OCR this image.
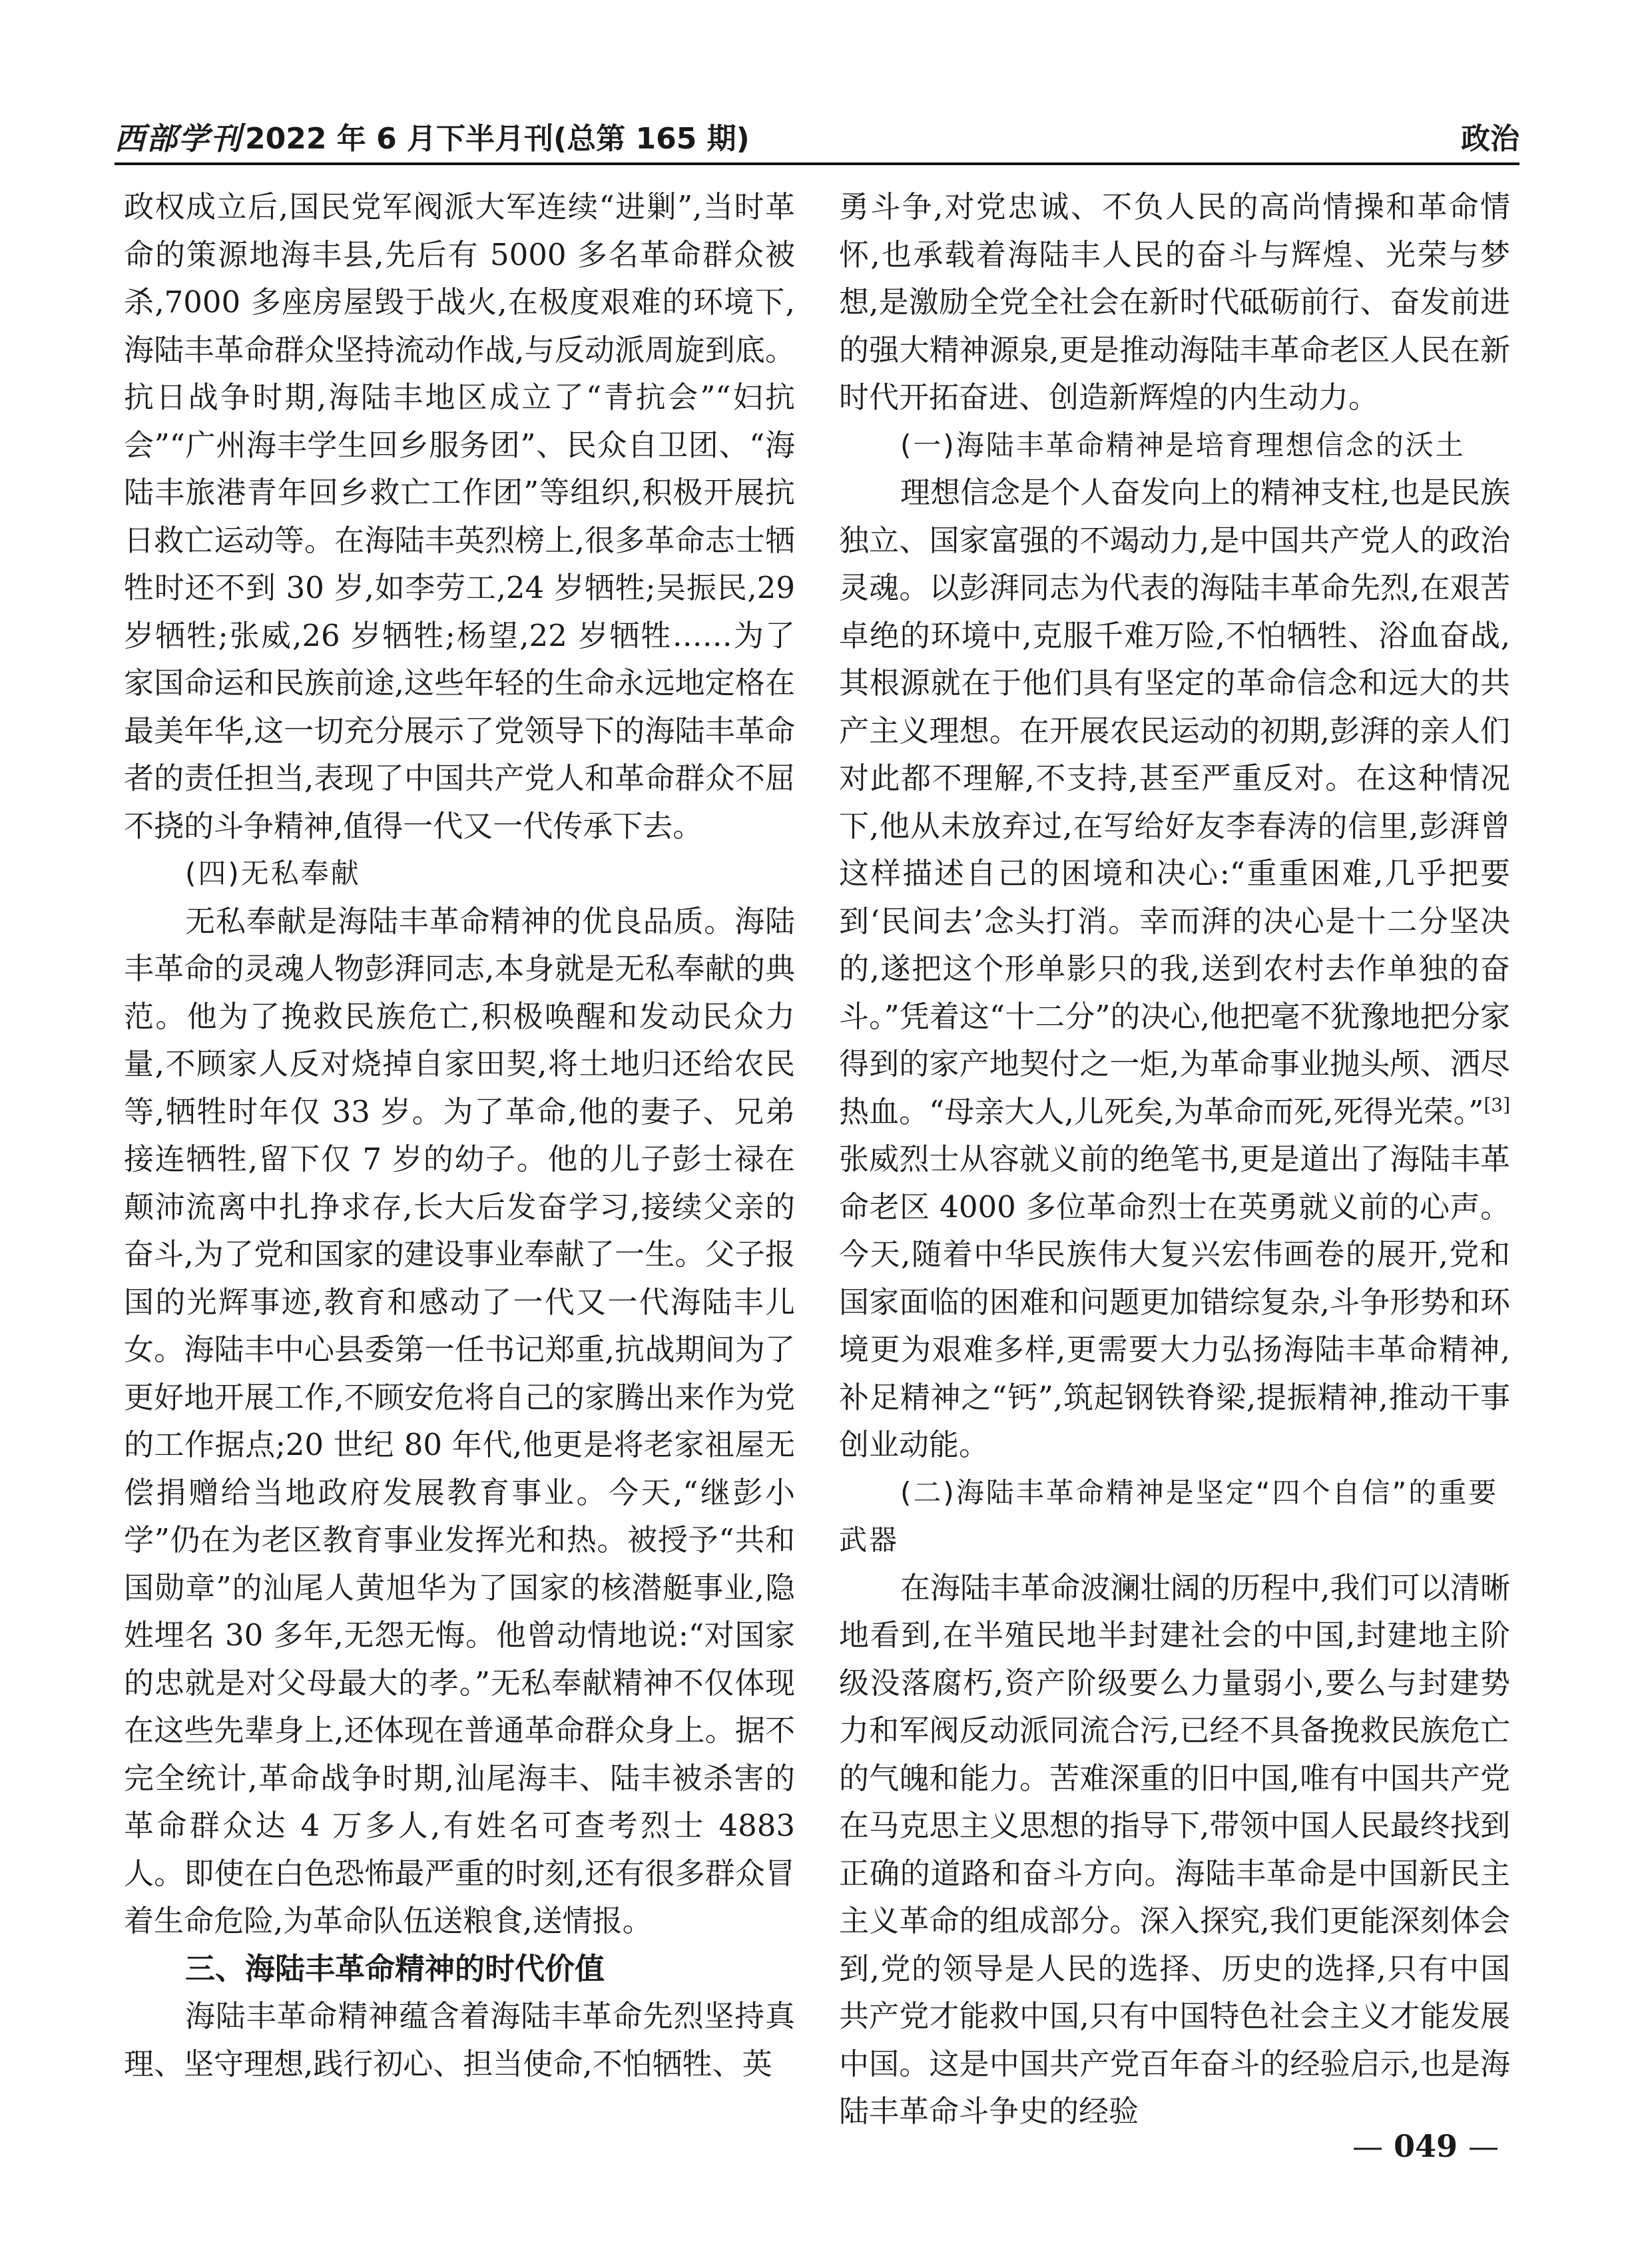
西部学刊 2022 年 6 月下半月刊(总第 165 期)	政治

政权成立后,国民党军阀派大军连续“进剿”,当时革命的策源地海丰县,先后有 5000 多名革命群众被杀,7000 多座房屋毁于战火,在极度艰难的环境下,海陆丰革命群众坚持流动作战,与反动派周旋到底。抗日战争时期,海陆丰地区成立了“青抗会”“妇抗会”“广州海丰学生回乡服务团”、民众自卫团、“海陆丰旅港青年回乡救亡工作团”等组织,积极开展抗日救亡运动等。在海陆丰英烈榜上,很多革命志士牺牲时还不到 30 岁,如李劳工,24 岁牺牲;吴振民,29 岁牺牲;张威,26 岁牺牲;杨望,22 岁牺牲……为了家国命运和民族前途,这些年轻的生命永远地定格在最美年华,这一切充分展示了党领导下的海陆丰革命者的责任担当,表现了中国共产党人和革命群众不屈不挠的斗争精神,值得一代又一代传承下去。

(四)无私奉献

无私奉献是海陆丰革命精神的优良品质。海陆丰革命的灵魂人物彭湃同志,本身就是无私奉献的典范。他为了挽救民族危亡,积极唤醒和发动民众力量,不顾家人反对烧掉自家田契,将土地归还给农民等,牺牲时年仅 33 岁。为了革命,他的妻子、兄弟接连牺牲,留下仅 7 岁的幼子。他的儿子彭士禄在颠沛流离中扎挣求存,长大后发奋学习,接续父亲的奋斗,为了党和国家的建设事业奉献了一生。父子报国的光辉事迹,教育和感动了一代又一代海陆丰儿女。海陆丰中心县委第一任书记郑重,抗战期间为了更好地开展工作,不顾安危将自己的家腾出来作为党的工作据点;20 世纪 80 年代,他更是将老家祖屋无偿捐赠给当地政府发展教育事业。今天,“继彭小学”仍在为老区教育事业发挥光和热。被授予“共和国勋章”的汕尾人黄旭华为了国家的核潜艇事业,隐姓埋名 30 多年,无怨无悔。他曾动情地说:“对国家的忠就是对父母最大的孝。”无私奉献精神不仅体现在这些先辈身上,还体现在普通革命群众身上。据不完全统计,革命战争时期,汕尾海丰、陆丰被杀害的革命群众达 4 万多人,有姓名可查考烈士 4883 人。即使在白色恐怖最严重的时刻,还有很多群众冒着生命危险,为革命队伍送粮食,送情报。

三、海陆丰革命精神的时代价值

海陆丰革命精神蕴含着海陆丰革命先烈坚持真理、坚守理想,践行初心、担当使命,不怕牺牲、英

勇斗争,对党忠诚、不负人民的高尚情操和革命情怀,也承载着海陆丰人民的奋斗与辉煌、光荣与梦想,是激励全党全社会在新时代砥砺前行、奋发前进的强大精神源泉,更是推动海陆丰革命老区人民在新时代开拓奋进、创造新辉煌的内生动力。

(一)海陆丰革命精神是培育理想信念的沃土

理想信念是个人奋发向上的精神支柱,也是民族独立、国家富强的不竭动力,是中国共产党人的政治灵魂。以彭湃同志为代表的海陆丰革命先烈,在艰苦卓绝的环境中,克服千难万险,不怕牺牲、浴血奋战,其根源就在于他们具有坚定的革命信念和远大的共产主义理想。在开展农民运动的初期,彭湃的亲人们对此都不理解,不支持,甚至严重反对。在这种情况下,他从未放弃过,在写给好友李春涛的信里,彭湃曾这样描述自己的困境和决心:“重重困难,几乎把要到‘民间去’念头打消。幸而湃的决心是十二分坚决的,遂把这个形单影只的我,送到农村去作单独的奋斗。”凭着这“十二分”的决心,他把毫不犹豫地把分家得到的家产地契付之一炬,为革命事业抛头颅、洒尽热血。“母亲大人,儿死矣,为革命而死,死得光荣。”[3]张威烈士从容就义前的绝笔书,更是道出了海陆丰革命老区 4000 多位革命烈士在英勇就义前的心声。今天,随着中华民族伟大复兴宏伟画卷的展开,党和国家面临的困难和问题更加错综复杂,斗争形势和环境更为艰难多样,更需要大力弘扬海陆丰革命精神,补足精神之“钙”,筑起钢铁脊梁,提振精神,推动干事创业动能。

(二)海陆丰革命精神是坚定“四个自信”的重要武器

在海陆丰革命波澜壮阔的历程中,我们可以清晰地看到,在半殖民地半封建社会的中国,封建地主阶级没落腐朽,资产阶级要么力量弱小,要么与封建势力和军阀反动派同流合污,已经不具备挽救民族危亡的气魄和能力。苦难深重的旧中国,唯有中国共产党在马克思主义思想的指导下,带领中国人民最终找到正确的道路和奋斗方向。海陆丰革命是中国新民主主义革命的组成部分。深入探究,我们更能深刻体会到,党的领导是人民的选择、历史的选择,只有中国共产党才能救中国,只有中国特色社会主义才能发展中国。这是中国共产党百年奋斗的经验启示,也是海陆丰革命斗争史的经验

— 049 —
